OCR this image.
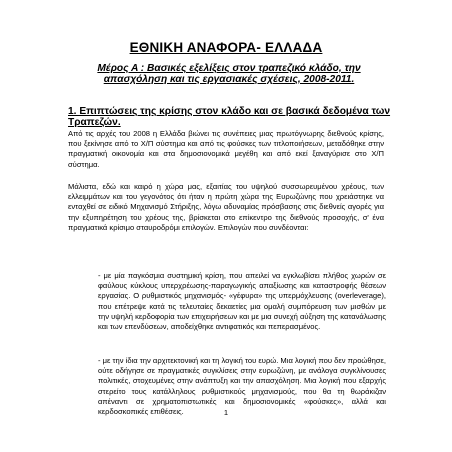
ΕΘΝΙΚΗ ΑΝΑΦΟΡΑ- ΕΛΛΑΔΑ
Μέρος Α : Βασικές εξελίξεις στον τραπεζικό κλάδο, την απασχόληση και τις εργασιακές σχέσεις, 2008-2011.
1. Επιπτώσεις της κρίσης στον κλάδο και σε βασικά δεδομένα των Τραπεζών.

Από τις αρχές του 2008 η Ελλάδα βιώνει τις συνέπειες μιας πρωτόγνωρης διεθνούς κρίσης, που ξεκίνησε από το Χ/Π σύστημα και από τις φούσκες των τιτλοποιήσεων, μεταδόθηκε στην πραγματική οικονομία και στα δημοσιονομικά μεγέθη και από εκεί ξαναγύρισε στο Χ/Π σύστημα.

Μάλιστα, εδώ και καιρό η χώρα μας, εξαιτίας του υψηλού συσσωρευμένου χρέους, των ελλειμμάτων και του γεγονότος ότι ήταν η πρώτη χώρα της Ευρωζώνης που χρειάστηκε να ενταχθεί σε ειδικό Μηχανισμό Στήριξης, λόγω αδυναμίας πρόσβασης στις διεθνείς αγορές για την εξυπηρέτηση του χρέους της, βρίσκεται στο επίκεντρο της διεθνούς προσοχής, σ' ένα πραγματικά κρίσιμο σταυροδρόμι επιλογών. Επιλογών που συνδέονται:

- με μία παγκόσμια συστημική κρίση, που απειλεί να εγκλωβίσει πλήθος χωρών σε φαύλους κύκλους υπερχρέωσης-παραγωγικής απαξίωσης και καταστροφής θέσεων εργασίας. Ο ρυθμιστικός μηχανισμός- «γέφυρα» της υπερμόχλευσης (overleverage), που επέτρεψε κατά τις τελευταίες δεκαετίες μια ομαλή συμπόρευση των μισθών με την υψηλή κερδοφορία των επιχειρήσεων και με μια συνεχή αύξηση της κατανάλωσης και των επενδύσεων, αποδείχθηκε αντιφατικός και πεπερασμένος.

- με την ίδια την αρχιτεκτονική και τη λογική του ευρώ. Μια λογική που δεν προώθησε, ούτε οδήγησε σε πραγματικές συγκλίσεις στην ευρωζώνη, με ανάλογα συγκλίνουσες πολιτικές, στοχευμένες στην ανάπτυξη και την απασχόληση. Μια λογική που εξαρχής στερείτο τους κατάλληλους ρυθμιστικούς μηχανισμούς, που θα τη θωράκιζαν απέναντι σε χρηματοπιστωτικές και δημοσιονομικές «φούσκες», αλλά και κερδοσκοπικές επιθέσεις.	1
